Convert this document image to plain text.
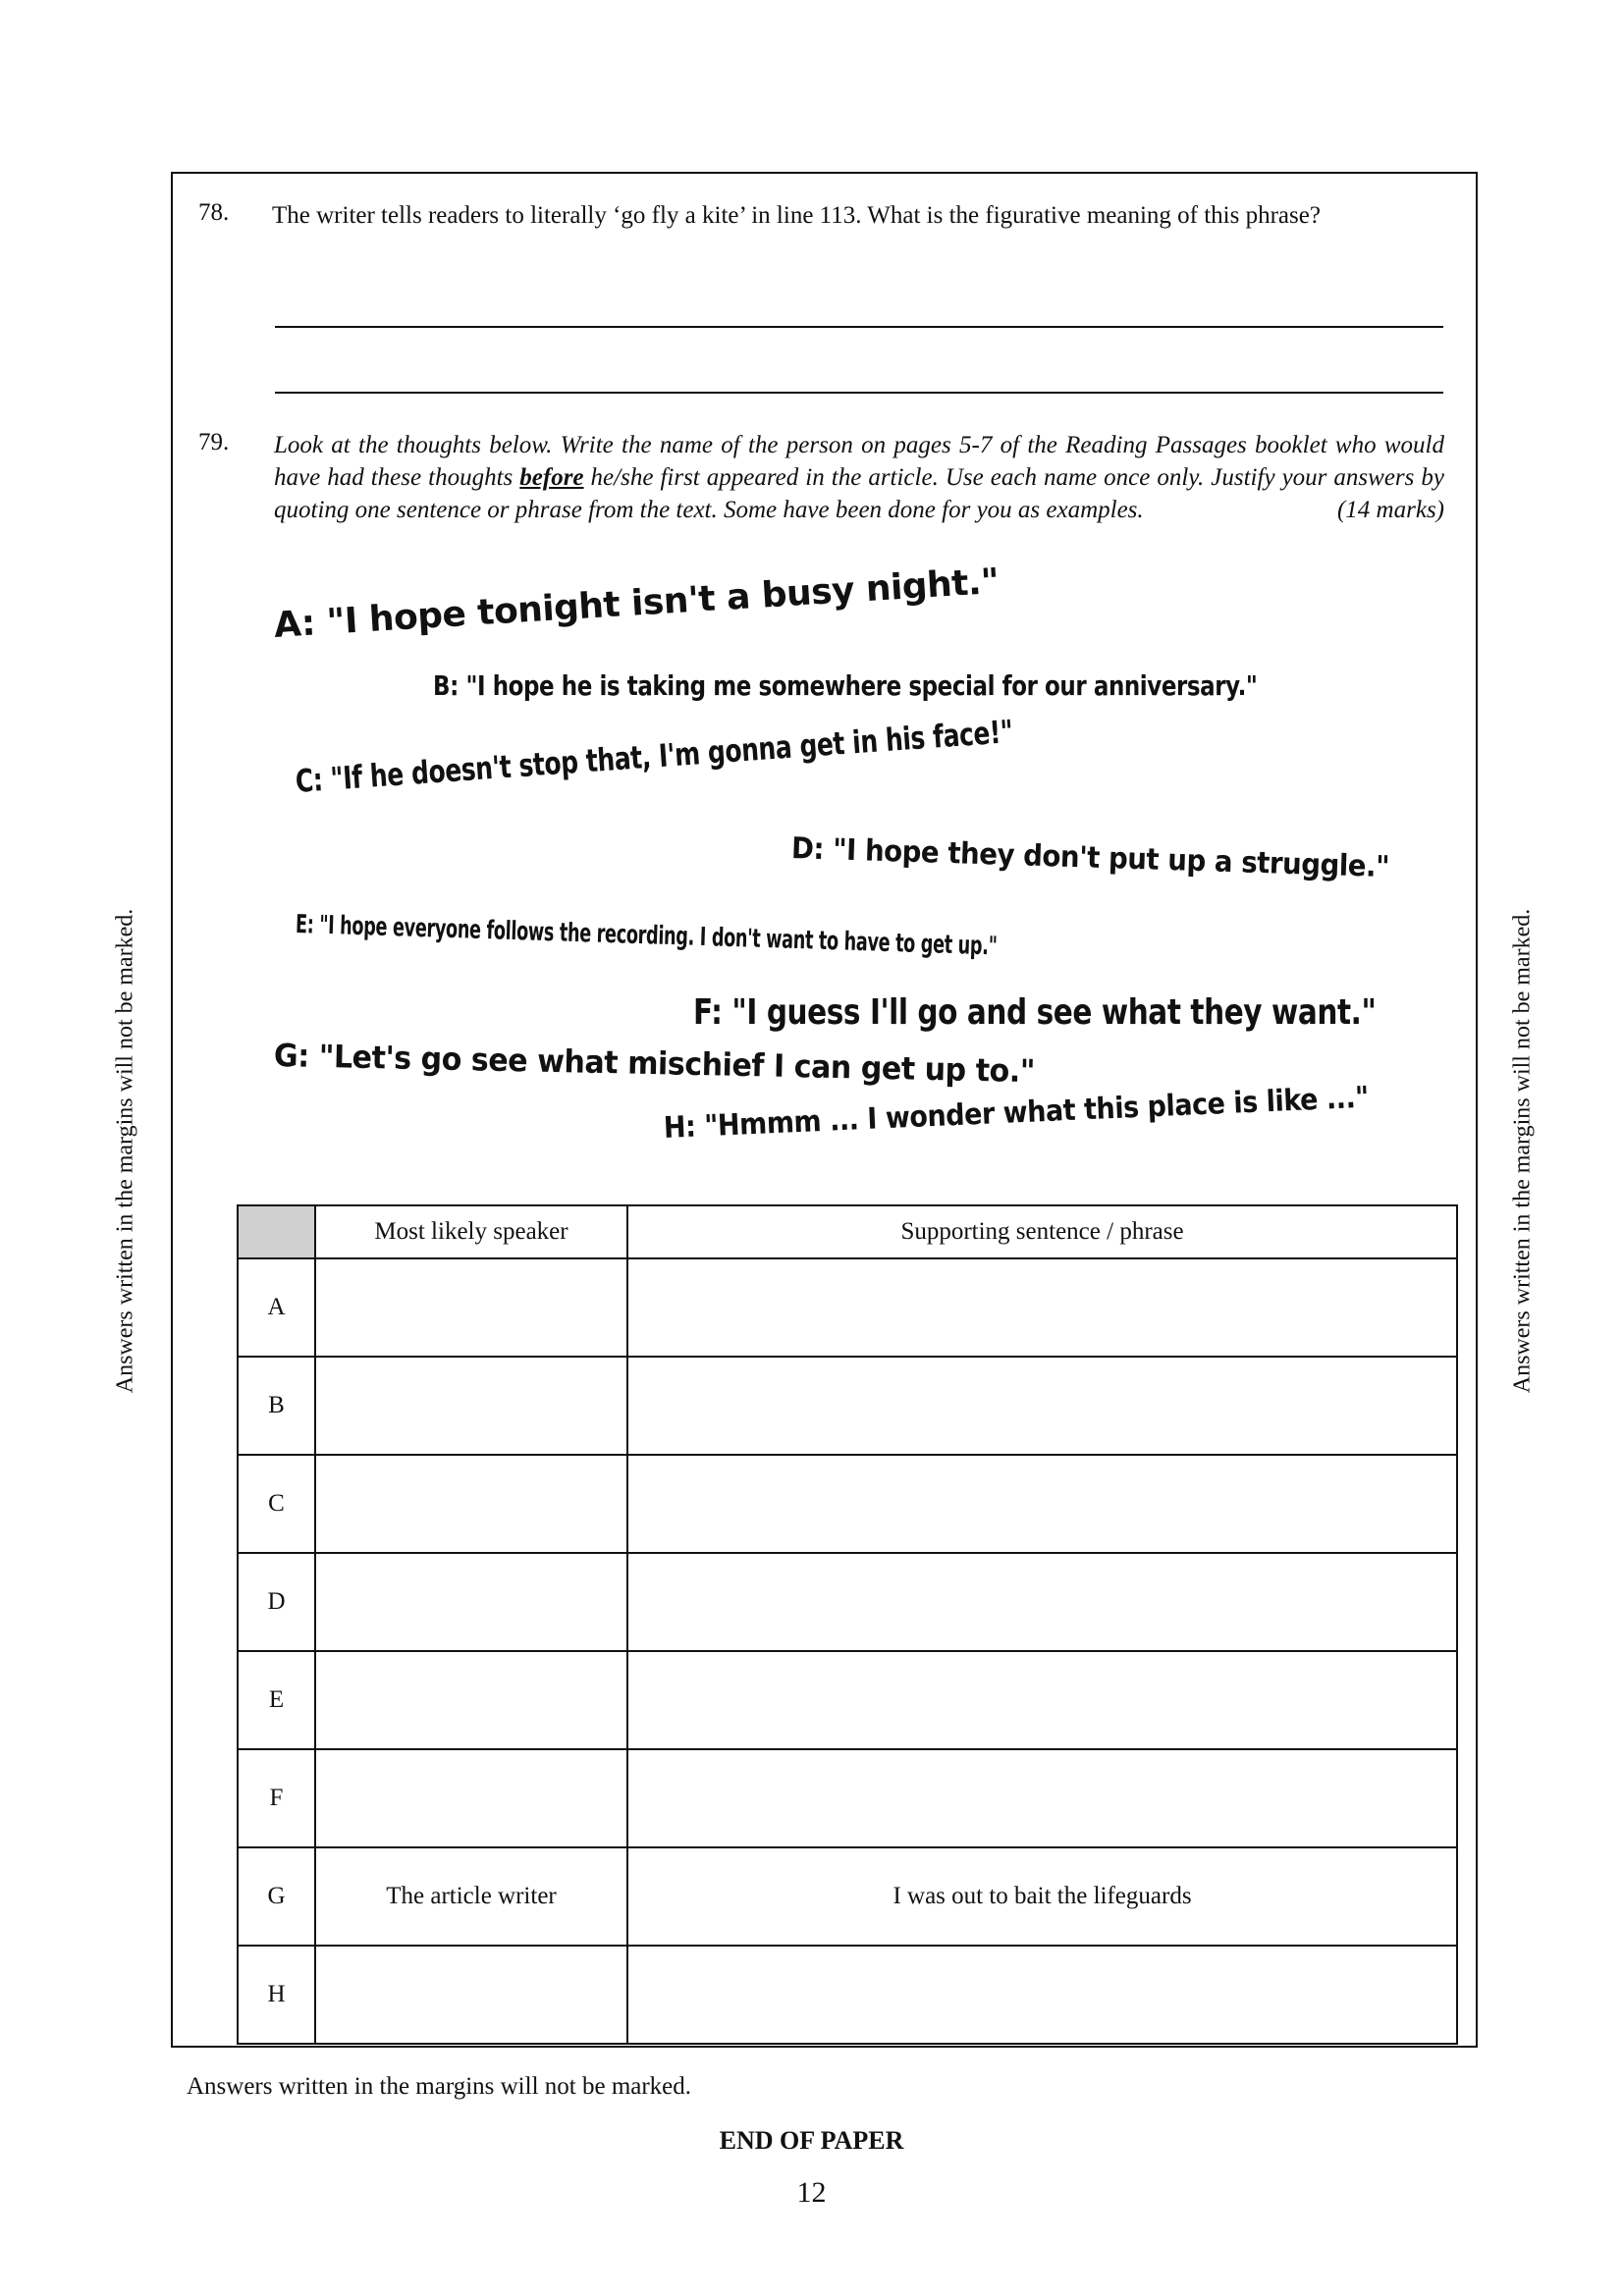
Answers written in the margins will not be marked.	Answers written in the margins will not be marked.
78. The writer tells readers to literally ‘go fly a kite’ in line 113. What is the figurative meaning of this phrase?
79. Look at the thoughts below. Write the name of the person on pages 5-7 of the Reading Passages booklet who would have had these thoughts before he/she first appeared in the article. Use each name once only. Justify your answers by quoting one sentence or phrase from the text. Some have been done for you as examples.	(14 marks)
A: "I hope tonight isn't a busy night."
B: "I hope he is taking me somewhere special for our anniversary."
C: "If he doesn't stop that, I'm gonna get in his face!"
D: "I hope they don't put up a struggle."
E: "I hope everyone follows the recording. I don't want to have to get up."
F: "I guess I'll go and see what they want."
G: "Let's go see what mischief I can get up to."
H: "Hmmm ... I wonder what this place is like ..."
	Most likely speaker	Supporting sentence / phrase
A		
B		
C		
D		
E		
F		
G	The article writer	I was out to bait the lifeguards
H		
Answers written in the margins will not be marked.
END OF PAPER
12
